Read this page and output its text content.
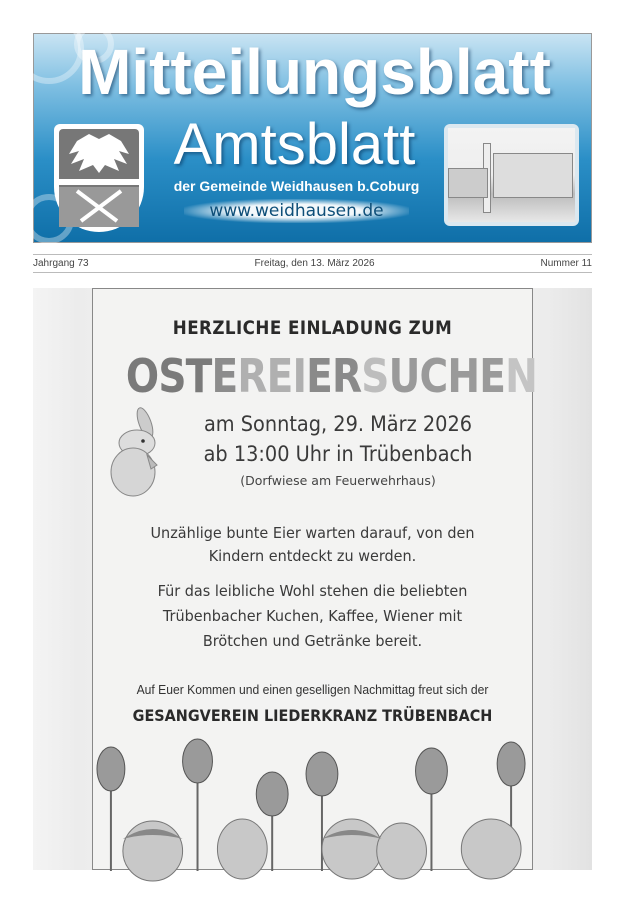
Mitteilungsblatt
Amtsblatt
der Gemeinde Weidhausen b.Coburg
www.weidhausen.de
Jahrgang 73	Freitag, den 13. März 2026	Nummer 11
HERZLICHE EINLADUNG ZUM
OSTEREIERSUCHEN
am Sonntag, 29. März 2026
ab 13:00 Uhr in Trübenbach
(Dorfwiese am Feuerwehrhaus)
Unzählige bunte Eier warten darauf, von den
Kindern entdeckt zu werden.
Für das leibliche Wohl stehen die beliebten
Trübenbacher Kuchen, Kaffee, Wiener mit
Brötchen und Getränke bereit.
Auf Euer Kommen und einen geselligen Nachmittag freut sich der
GESANGVEREIN LIEDERKRANZ TRÜBENBACH
